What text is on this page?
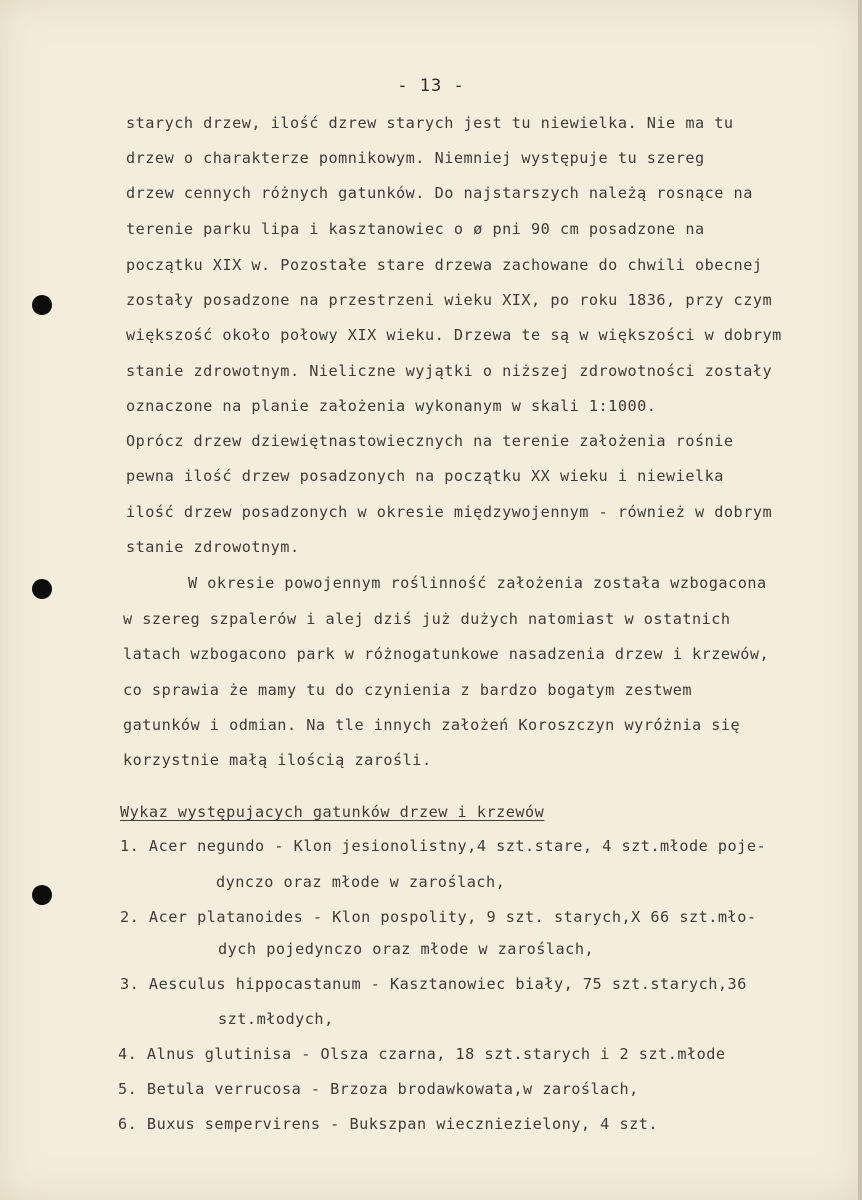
- 13 -
starych drzew, ilość dzrew starych jest tu niewielka. Nie ma tu
drzew o charakterze pomnikowym. Niemniej występuje tu szereg
drzew cennych różnych gatunków. Do najstarszych należą rosnące na
terenie parku lipa i kasztanowiec o ø pni 90 cm posadzone na
początku XIX w. Pozostałe stare drzewa zachowane do chwili obecnej
zostały posadzone na przestrzeni wieku XIX, po roku 1836, przy czym
większość około połowy XIX wieku. Drzewa te są w większości w dobrym
stanie zdrowotnym. Nieliczne wyjątki o niższej zdrowotności zostały
oznaczone na planie założenia wykonanym w skali 1:1000.
Oprócz drzew dziewiętnastowiecznych na terenie założenia rośnie
pewna ilość drzew posadzonych na początku XX wieku i niewielka
ilość drzew posadzonych w okresie międzywojennym - również w dobrym
stanie zdrowotnym.
W okresie powojennym roślinność założenia została wzbogacona
w szereg szpalerów i alej dziś już dużych natomiast w ostatnich
latach wzbogacono park w różnogatunkowe nasadzenia drzew i krzewów,
co sprawia że mamy tu do czynienia z bardzo bogatym zestwem
gatunków i odmian. Na tle innych założeń Koroszczyn wyróżnia się
korzystnie małą ilością zarośli.
Wykaz występujacych gatunków drzew i krzewów
1. Acer negundo - Klon jesionolistny,4 szt.stare, 4 szt.młode poje-
dynczo oraz młode w zaroślach,
2. Acer platanoides - Klon pospolity, 9 szt. starych,X 66 szt.mło-
dych pojedynczo oraz młode w zaroślach,
3. Aesculus hippocastanum - Kasztanowiec biały, 75 szt.starych,36
szt.młodych,
4. Alnus glutinisa - Olsza czarna, 18 szt.starych i 2 szt.młode
5. Betula verrucosa - Brzoza brodawkowata,w zaroślach,
6. Buxus sempervirens - Bukszpan wieczniezielony, 4 szt.
